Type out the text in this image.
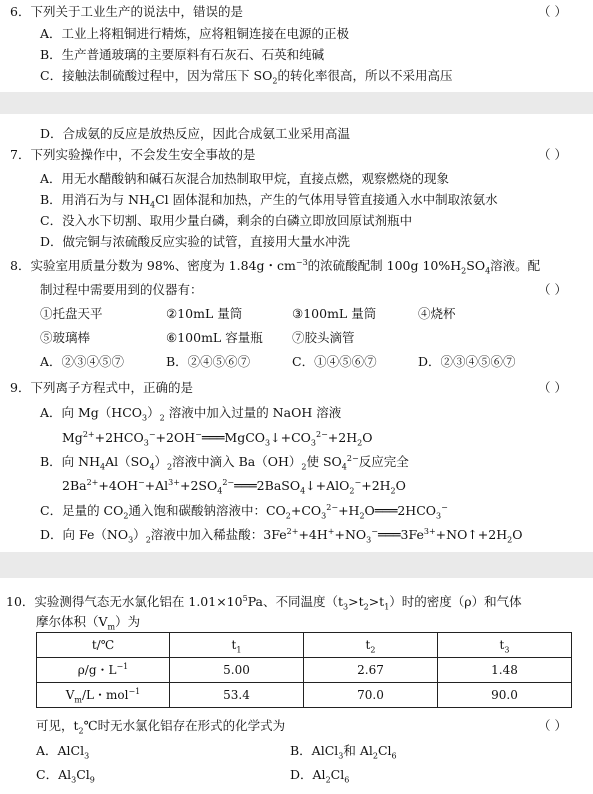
6．下列关于工业生产的说法中，错误的是	（ ）
A．工业上将粗铜进行精炼，应将粗铜连接在电源的正极
B．生产普通玻璃的主要原料有石灰石、石英和纯碱
C．接触法制硫酸过程中，因为常压下 $SO_2$的转化率很高，所以不采用高压
D．合成氨的反应是放热反应，因此合成氨工业采用高温
7．下列实验操作中，不会发生安全事故的是	（ ）
A．用无水醋酸钠和碱石灰混合加热制取甲烷，直接点燃，观察燃烧的现象
B．用消石为与 $NH_4Cl$ 固体混和加热，产生的气体用导管直接通入水中制取浓氨水
C．没入水下切割、取用少量白磷，剩余的白磷立即放回原试剂瓶中
D．做完铜与浓硫酸反应实验的试管，直接用大量水冲洗
8．实验室用质量分数为 98%、密度为 1.84g・$cm^{-3}$的浓硫酸配制 100g $10\%H_2SO_4$溶液。配
制过程中需要用到的仪器有：	（ ）
①托盘天平	②10mL 量筒	③100mL 量筒	④烧杯
⑤玻璃棒	⑥100mL 容量瓶 ⑦胶头滴管
A．②③④⑤⑦	B．②④⑤⑥⑦	C．①④⑤⑥⑦	D．②③④⑤⑥⑦
9．下列离子方程式中，正确的是	（ ）
A．向 $Mg(HCO_3)_2$ 溶液中加入过量的 NaOH 溶液
$Mg^{2+}+2HCO_3^-+2OH^-═══MgCO_3↓+CO_3^{2-}+2H_2O$
B．向 $NH_4Al(SO_4)_2$溶液中滴入 $Ba(OH)_2$使 $SO_4^{2-}$反应完全
$2Ba^{2+}+4OH^-+Al^{3+}+2SO_4^{2-}═══2BaSO_4↓+AlO_2^-+2H_2O$
C．足量的 $CO_2$通入饱和碳酸钠溶液中：$CO_2+CO_3^{2-}+H_2O═══2HCO_3^-$
D．向 $Fe(NO_3)_2$溶液中加入稀盐酸：$3Fe^{2+}+4H^++NO_3^-═══3Fe^{3+}+NO↑+2H_2O$
10．实验测得气态无水氯化铝在 $1.01\times 10^5Pa$、不同温度$(t_3>t_2>t_1)$时的密度（ρ）和气体
摩尔体积$(V_m)$为
t/℃	$t_1$	$t_2$	$t_3$
ρ/g・$L^{-1}$	5.00	2.67	1.48
$V_m/L$・mol$^{-1}$	53.4	70.0	90.0
可见，$t_2℃$时无水氯化铝存在形式的化学式为	（ ）
A．AlCl$_3$	B．AlCl$_3$和 $Al_2Cl_6$
C．$Al_3Cl_9$	D．$Al_2Cl_6$
